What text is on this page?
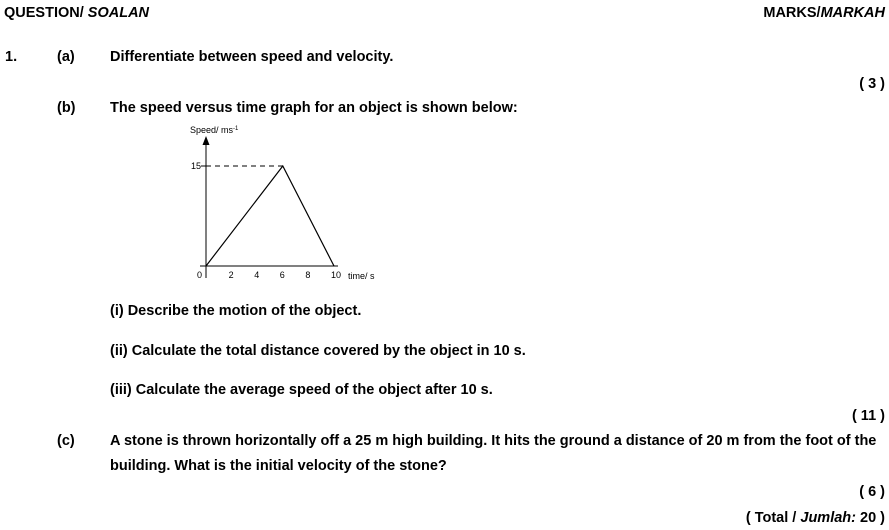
QUESTION/ SOALAN	MARKS/MARKAH
1.	(a) Differentiate between speed and velocity.
( 3 )
(b) The speed versus time graph for an object is shown below:
Speed/ $ms^{-1}$
0	2 4 6 8 10
15
time/ s
(i) Describe the motion of the object.
(ii) Calculate the total distance covered by the object in 10 s.
(iii) Calculate the average speed of the object after 10 s.
( 11 )
(c) A stone is thrown horizontally off a 25 m high building. It hits the ground a distance of 20 m from the foot of the
building. What is the initial velocity of the stone?
( 6 )
( Total / Jumlah: 20 )
